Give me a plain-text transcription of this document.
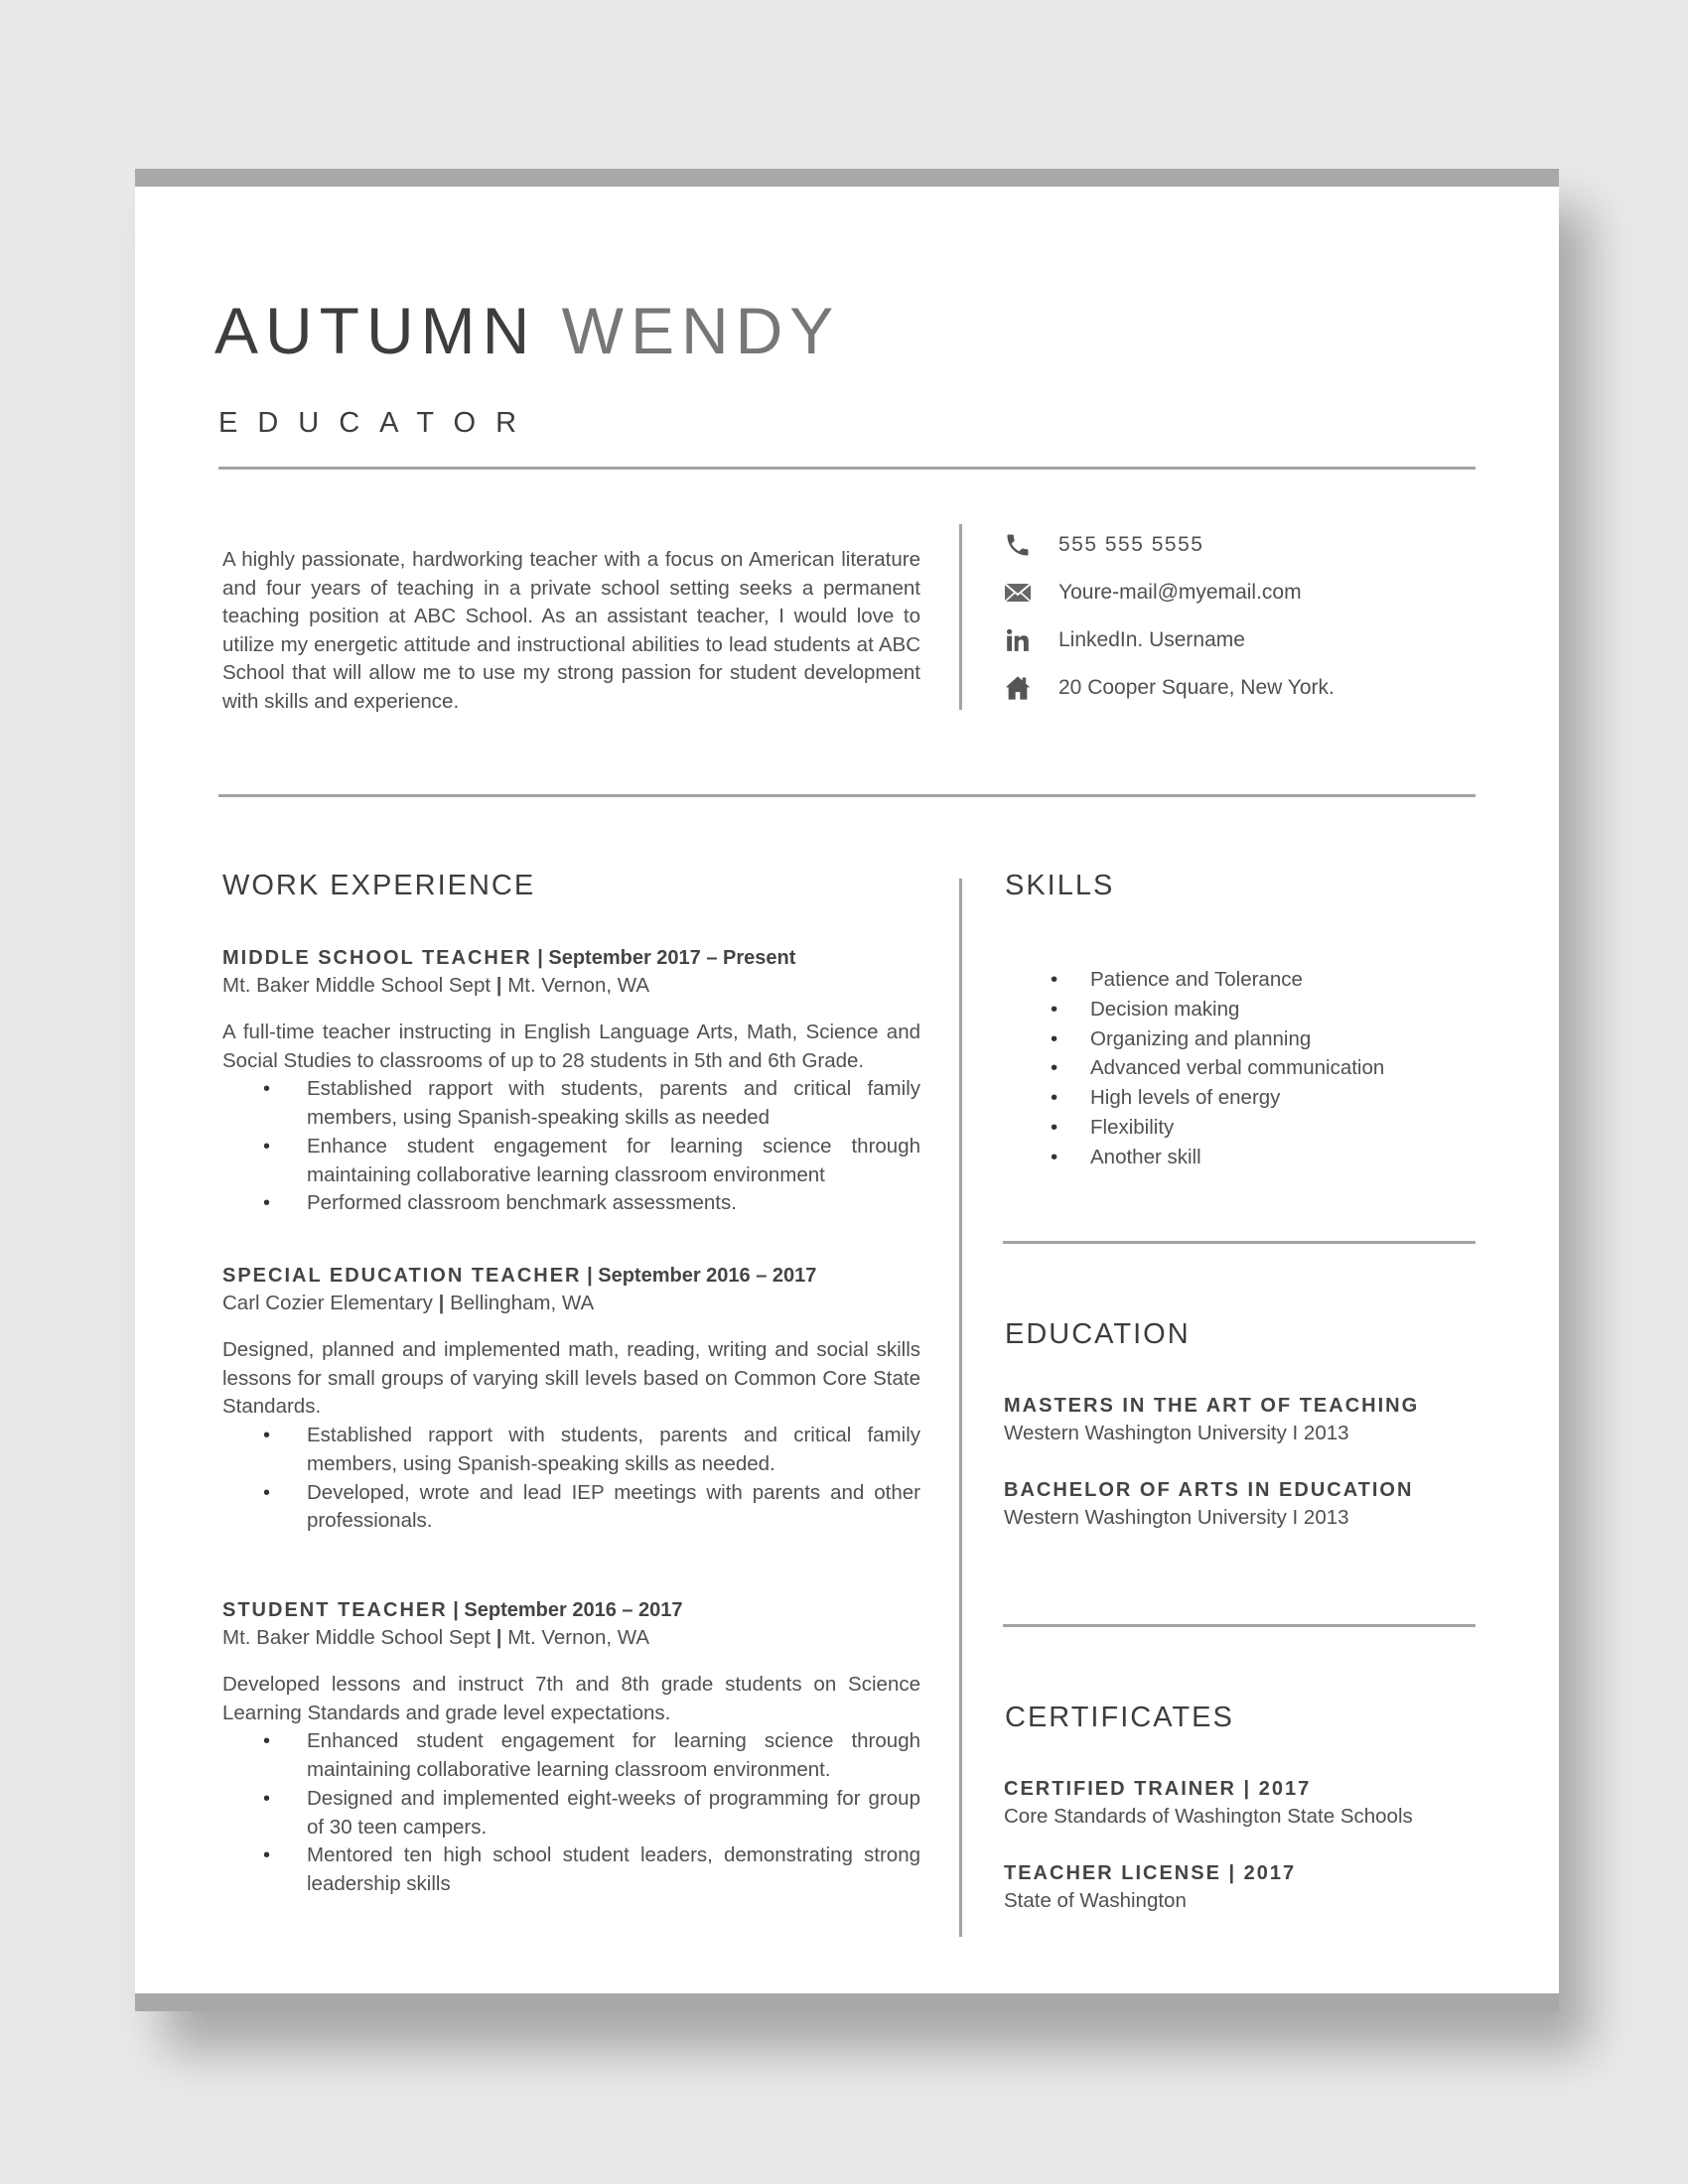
AUTUMN WENDY
EDUCATOR

A highly passionate, hardworking teacher with a focus on American literature and four years of teaching in a private school setting seeks a permanent teaching position at ABC School. As an assistant teacher, I would love to utilize my energetic attitude and instructional abilities to lead students at ABC School that will allow me to use my strong passion for student development with skills and experience.

555 555 5555
Youre-mail@myemail.com
LinkedIn. Username
20 Cooper Square, New York.
WORK EXPERIENCE
MIDDLE SCHOOL TEACHER | September 2017 – Present
Mt. Baker Middle School Sept | Mt. Vernon, WA

A full-time teacher instructing in English Language Arts, Math, Science and Social Studies to classrooms of up to 28 students in 5th and 6th Grade.

• Established rapport with students, parents and critical family members, using Spanish-speaking skills as needed
• Enhance student engagement for learning science through maintaining collaborative learning classroom environment
• Performed classroom benchmark assessments.
SPECIAL EDUCATION TEACHER | September 2016 – 2017
Carl Cozier Elementary | Bellingham, WA

Designed, planned and implemented math, reading, writing and social skills lessons for small groups of varying skill levels based on Common Core State Standards.

• Established rapport with students, parents and critical family members, using Spanish-speaking skills as needed.
• Developed, wrote and lead IEP meetings with parents and other professionals.
STUDENT TEACHER | September 2016 – 2017
Mt. Baker Middle School Sept | Mt. Vernon, WA

Developed lessons and instruct 7th and 8th grade students on Science Learning Standards and grade level expectations.

• Enhanced student engagement for learning science through maintaining collaborative learning classroom environment.
• Designed and implemented eight-weeks of programming for group of 30 teen campers.
• Mentored ten high school student leaders, demonstrating strong leadership skills
SKILLS
• Patience and Tolerance
• Decision making
• Organizing and planning
• Advanced verbal communication
• High levels of energy
• Flexibility
• Another skill
EDUCATION
MASTERS IN THE ART OF TEACHING
Western Washington University I 2013
BACHELOR OF ARTS IN EDUCATION
Western Washington University I 2013
CERTIFICATES
CERTIFIED TRAINER | 2017
Core Standards of Washington State Schools
TEACHER LICENSE | 2017
State of Washington
